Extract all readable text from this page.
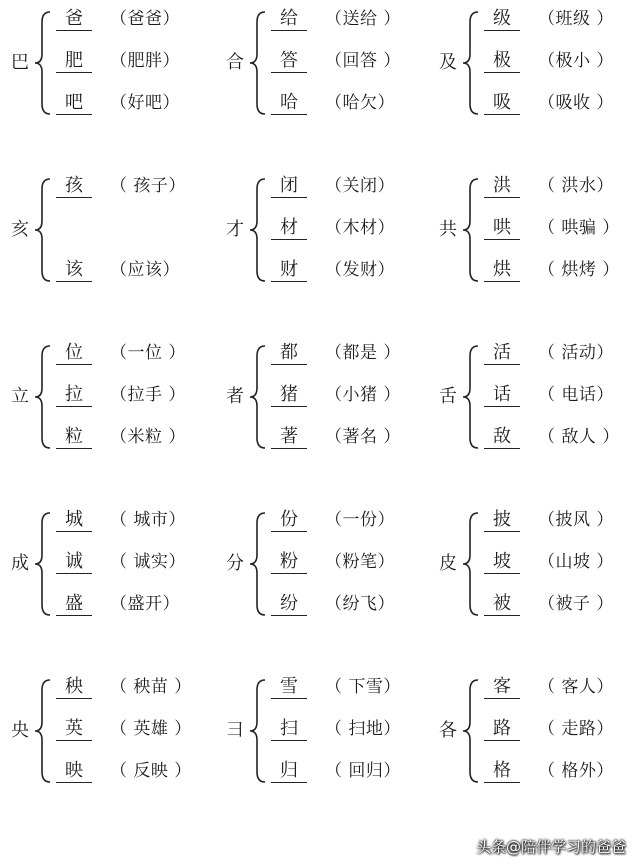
巴
爸	（爸爸）
肥	（肥胖）
吧	（好吧）
合
给	（送给 ）
答	（回答 ）
哈	（哈欠）
及
级	（班级 ）
极	（极小 ）
吸	（吸收 ）
亥
孩	（ 孩子）
该	（应该）
才
闭	（关闭）
材	（木材）
财	（发财）
共
洪	（ 洪水）
哄	（ 哄骗 ）
烘	（ 烘烤 ）
立
位	（一位 ）
拉	（拉手 ）
粒	（米粒 ）
者
都	（都是 ）
猪	（小猪 ）
著	（著名 ）
舌
活	（ 活动）
话	（ 电话）
敌	（ 敌人 ）
成
城	（ 城市）
诚	（ 诚实）
盛	（盛开）
分
份	（一份）
粉	（粉笔）
纷	（纷飞）
皮
披	（披风 ）
坡	（山坡 ）
被	（被子 ）
央
秧	（ 秧苗 ）
英	（ 英雄 ）
映	（ 反映 ）
彐
雪	（ 下雪）
扫	（ 扫地）
归	（ 回归）
各
客	（ 客人）
路	（ 走路）
格	（ 格外）
头条@陪伴学习的爸爸
